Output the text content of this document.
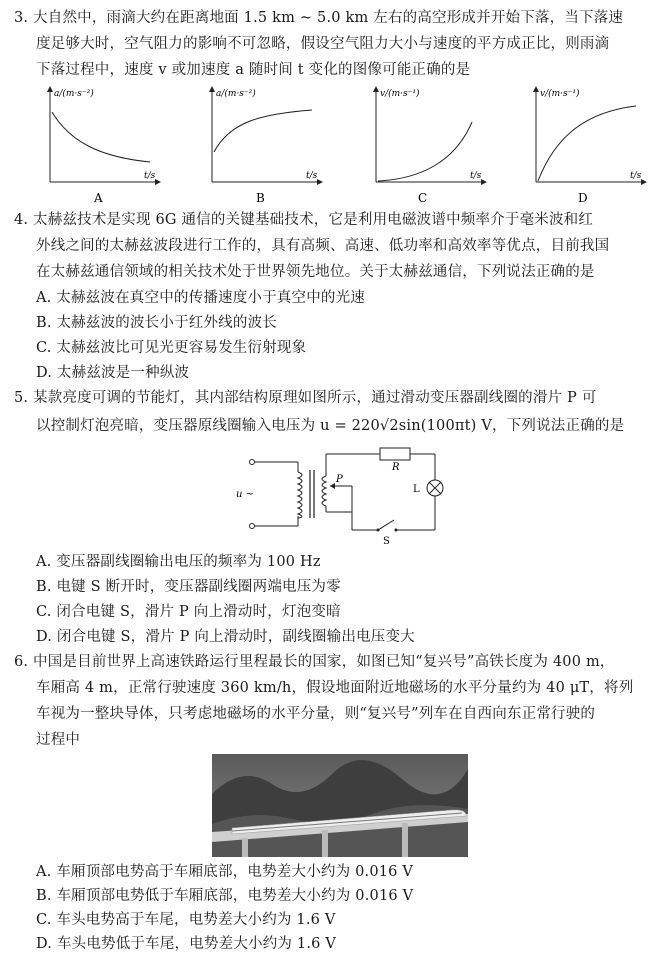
3. 大自然中，雨滴大约在距离地面 1.5 km ~ 5.0 km 左右的高空形成并开始下落，当下落速
度足够大时，空气阻力的影响不可忽略，假设空气阻力大小与速度的平方成正比，则雨滴
下落过程中，速度 v 或加速度 a 随时间 t 变化的图像可能正确的是
a/(m·s⁻²)
t/s
A
a/(m·s⁻²)
t/s
B
v/(m·s⁻¹)
t/s
C
v/(m·s⁻¹)
t/s
D
4. 太赫兹技术是实现 6G 通信的关键基础技术，它是利用电磁波谱中频率介于毫米波和红
外线之间的太赫兹波段进行工作的，具有高频、高速、低功率和高效率等优点，目前我国
在太赫兹通信领域的相关技术处于世界领先地位。关于太赫兹通信，下列说法正确的是
A. 太赫兹波在真空中的传播速度小于真空中的光速
B. 太赫兹波的波长小于红外线的波长
C. 太赫兹波比可见光更容易发生衍射现象
D. 太赫兹波是一种纵波
5. 某款亮度可调的节能灯，其内部结构原理如图所示，通过滑动变压器副线圈的滑片 P 可
以控制灯泡亮暗，变压器原线圈输入电压为 u = 220√2sin(100πt) V，下列说法正确的是
u ~
P
R
L
S
A. 变压器副线圈输出电压的频率为 100 Hz
B. 电键 S 断开时，变压器副线圈两端电压为零
C. 闭合电键 S，滑片 P 向上滑动时，灯泡变暗
D. 闭合电键 S，滑片 P 向上滑动时，副线圈输出电压变大
6. 中国是目前世界上高速铁路运行里程最长的国家，如图已知“复兴号”高铁长度为 400 m，
车厢高 4 m，正常行驶速度 360 km/h，假设地面附近地磁场的水平分量约为 40 μT，将列
车视为一整块导体，只考虑地磁场的水平分量，则“复兴号”列车在自西向东正常行驶的
过程中
A. 车厢顶部电势高于车厢底部，电势差大小约为 0.016 V
B. 车厢顶部电势低于车厢底部，电势差大小约为 0.016 V
C. 车头电势高于车尾，电势差大小约为 1.6 V
D. 车头电势低于车尾，电势差大小约为 1.6 V
